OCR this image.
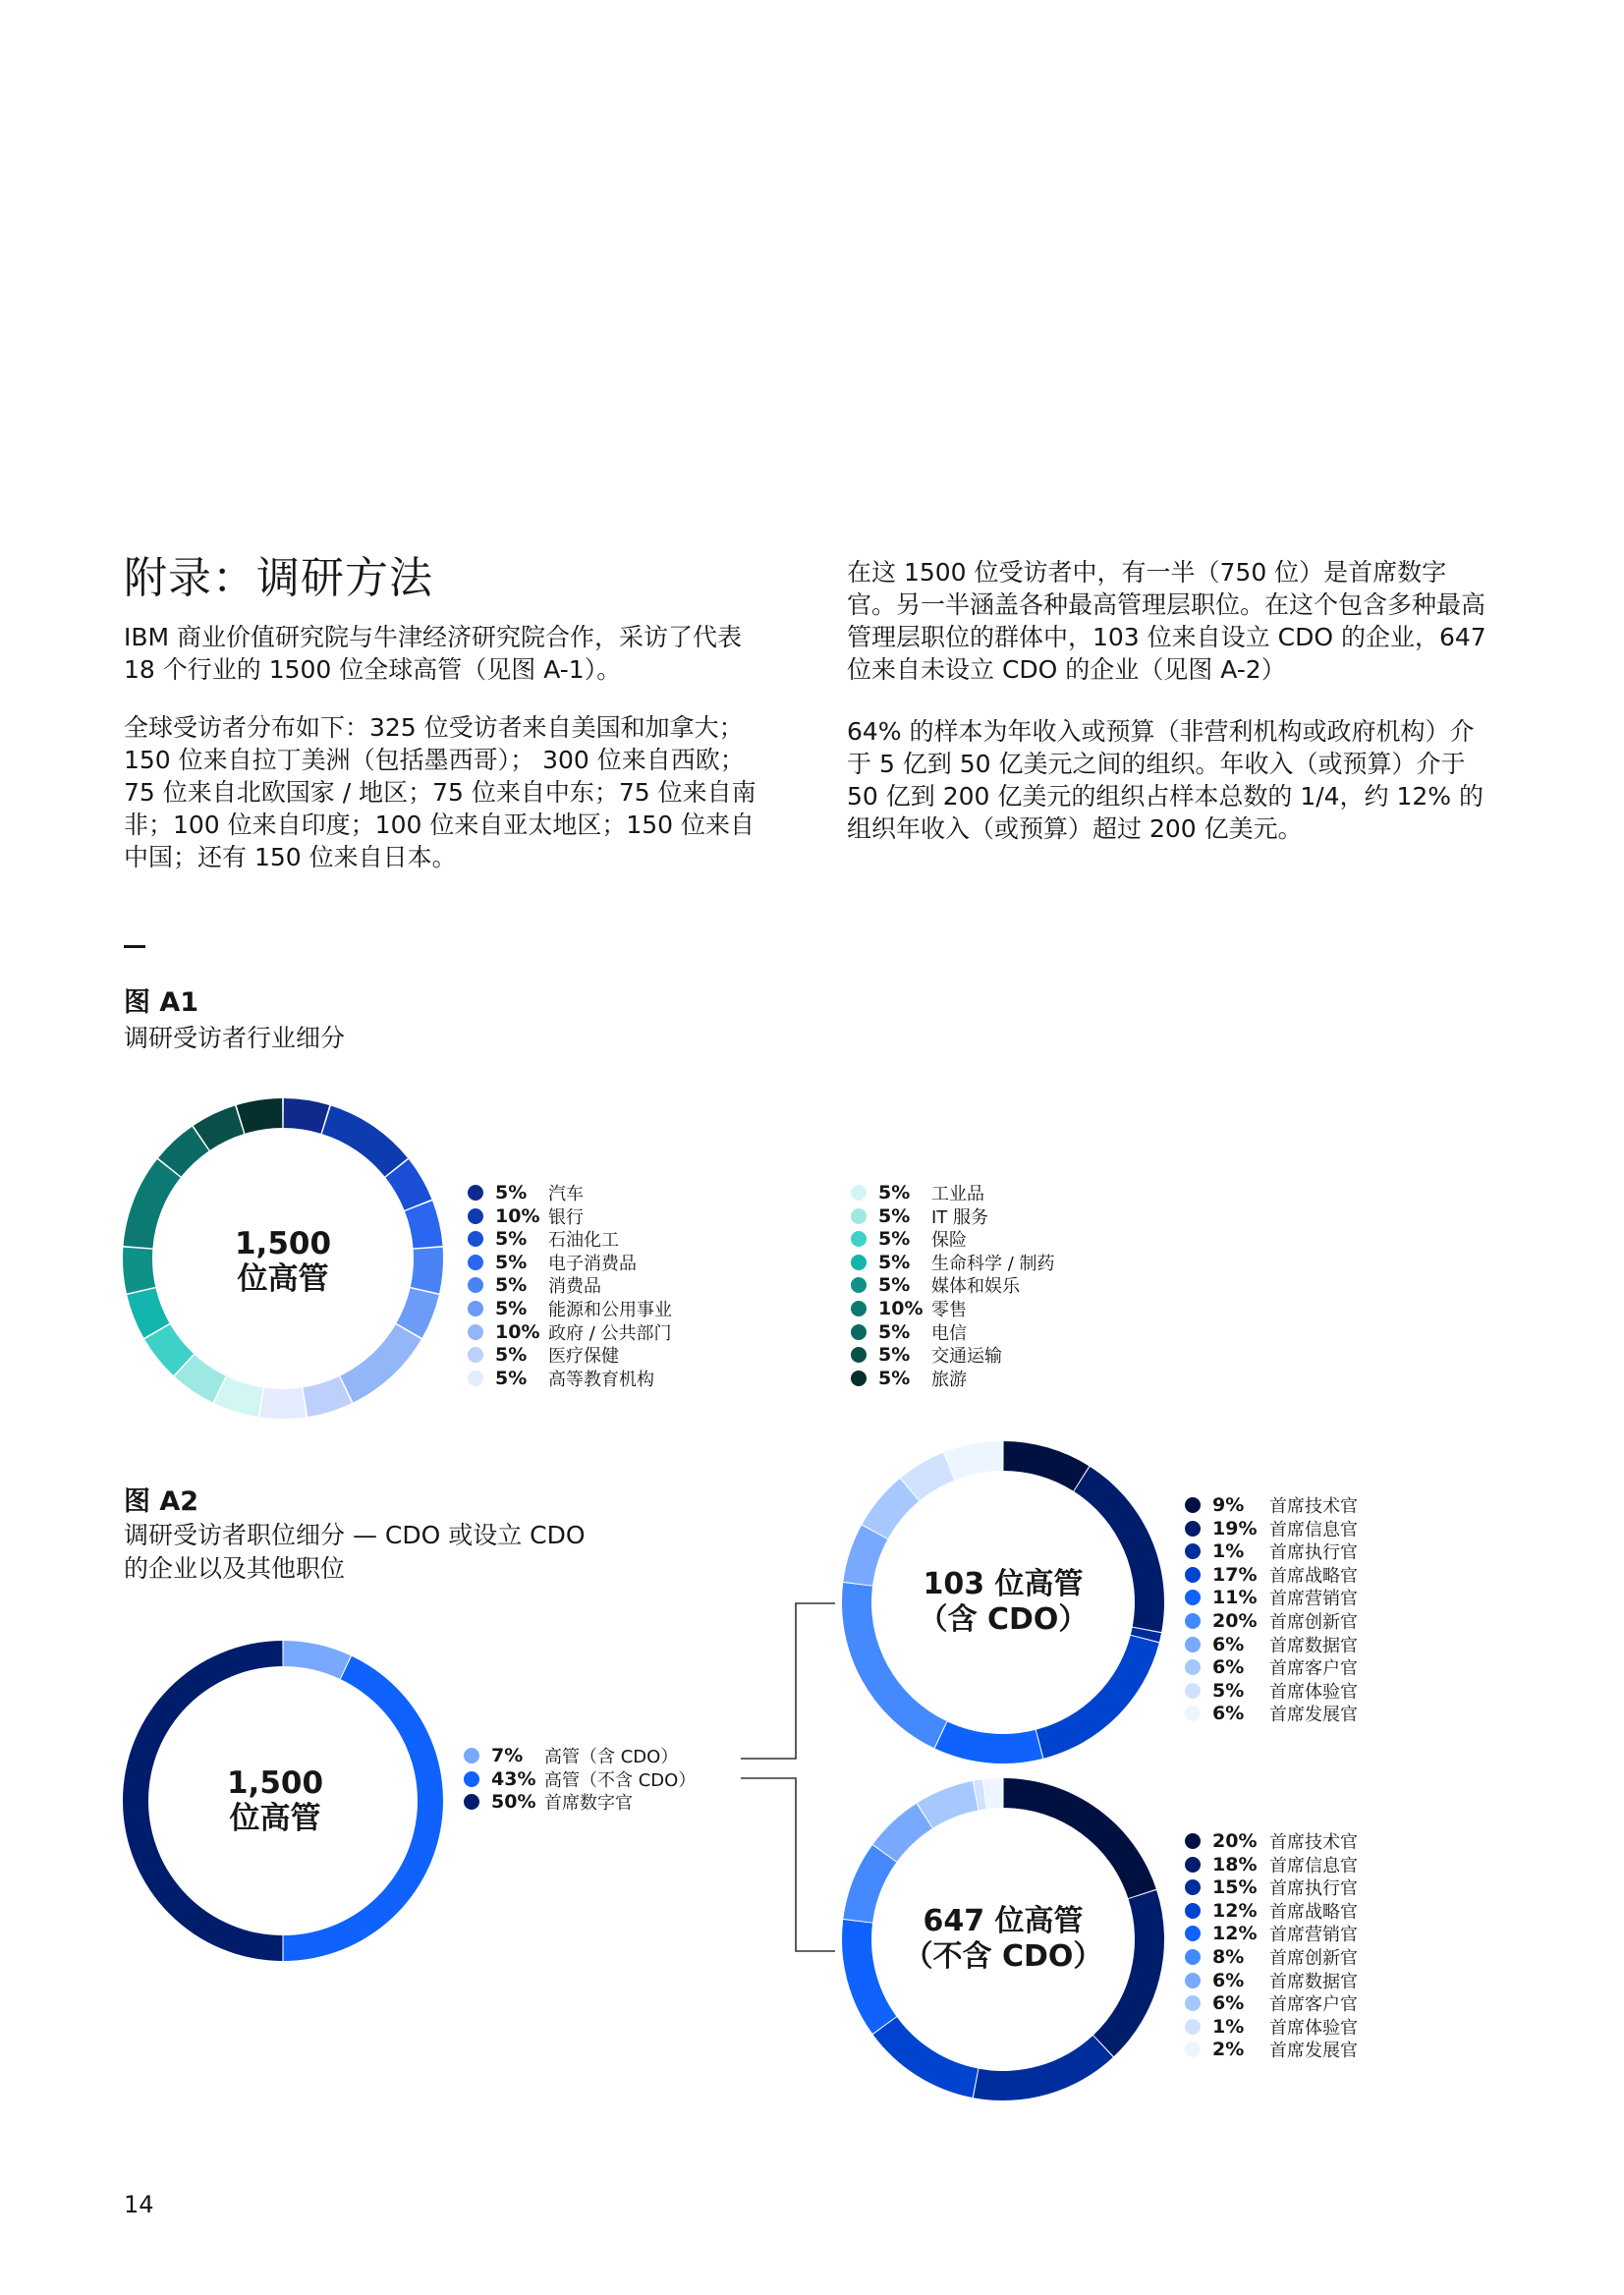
附录：调研方法
IBM 商业价值研究院与牛津经济研究院合作，采访了代表 18 个行业的 1500 位全球高管（见图 A-1）。
全球受访者分布如下：325 位受访者来自美国和加拿大；150 位来自拉丁美洲（包括墨西哥）； 300 位来自西欧；75 位来自北欧国家 / 地区；75 位来自中东；75 位来自南非；100 位来自印度；100 位来自亚太地区；150 位来自中国；还有 150 位来自日本。
在这 1500 位受访者中，有一半（750 位）是首席数字官。另一半涵盖各种最高管理层职位。在这个包含多种最高管理层职位的群体中，103 位来自设立 CDO 的企业，647 位来自未设立 CDO 的企业（见图 A-2）
64% 的样本为年收入或预算（非营利机构或政府机构）介于 5 亿到 50 亿美元之间的组织。年收入（或预算）介于 50 亿到 200 亿美元的组织占样本总数的 1/4，约 12% 的组织年收入（或预算）超过 200 亿美元。
图 A1
调研受访者行业细分
1,500
位高管
5%	汽车
10% 银行
5%	石油化工
5%	电子消费品
5%	消费品
5%	能源和公用事业
10% 政府 / 公共部门
5%	医疗保健
5%	高等教育机构
5%	工业品
5%	IT 服务
5%	保险
5%	生命科学 / 制药
5%	媒体和娱乐
10% 零售
5%	电信
5%	交通运输
5%	旅游
图 A2
调研受访者职位细分 — CDO 或设立 CDO
的企业以及其他职位
1,500
位高管
7%	高管（含 CDO）
43% 高管（不含 CDO）
50% 首席数字官
103 位高管
（含 CDO）
9%	首席技术官
19% 首席信息官
1%	首席执行官
17% 首席战略官
11% 首席营销官
20% 首席创新官
6%	首席数据官
6%	首席客户官
5%	首席体验官
6%	首席发展官
647 位高管
（不含 CDO）
20% 首席技术官
18% 首席信息官
15% 首席执行官
12% 首席战略官
12% 首席营销官
8%	首席创新官
6%	首席数据官
6%	首席客户官
1%	首席体验官
2%	首席发展官
14
